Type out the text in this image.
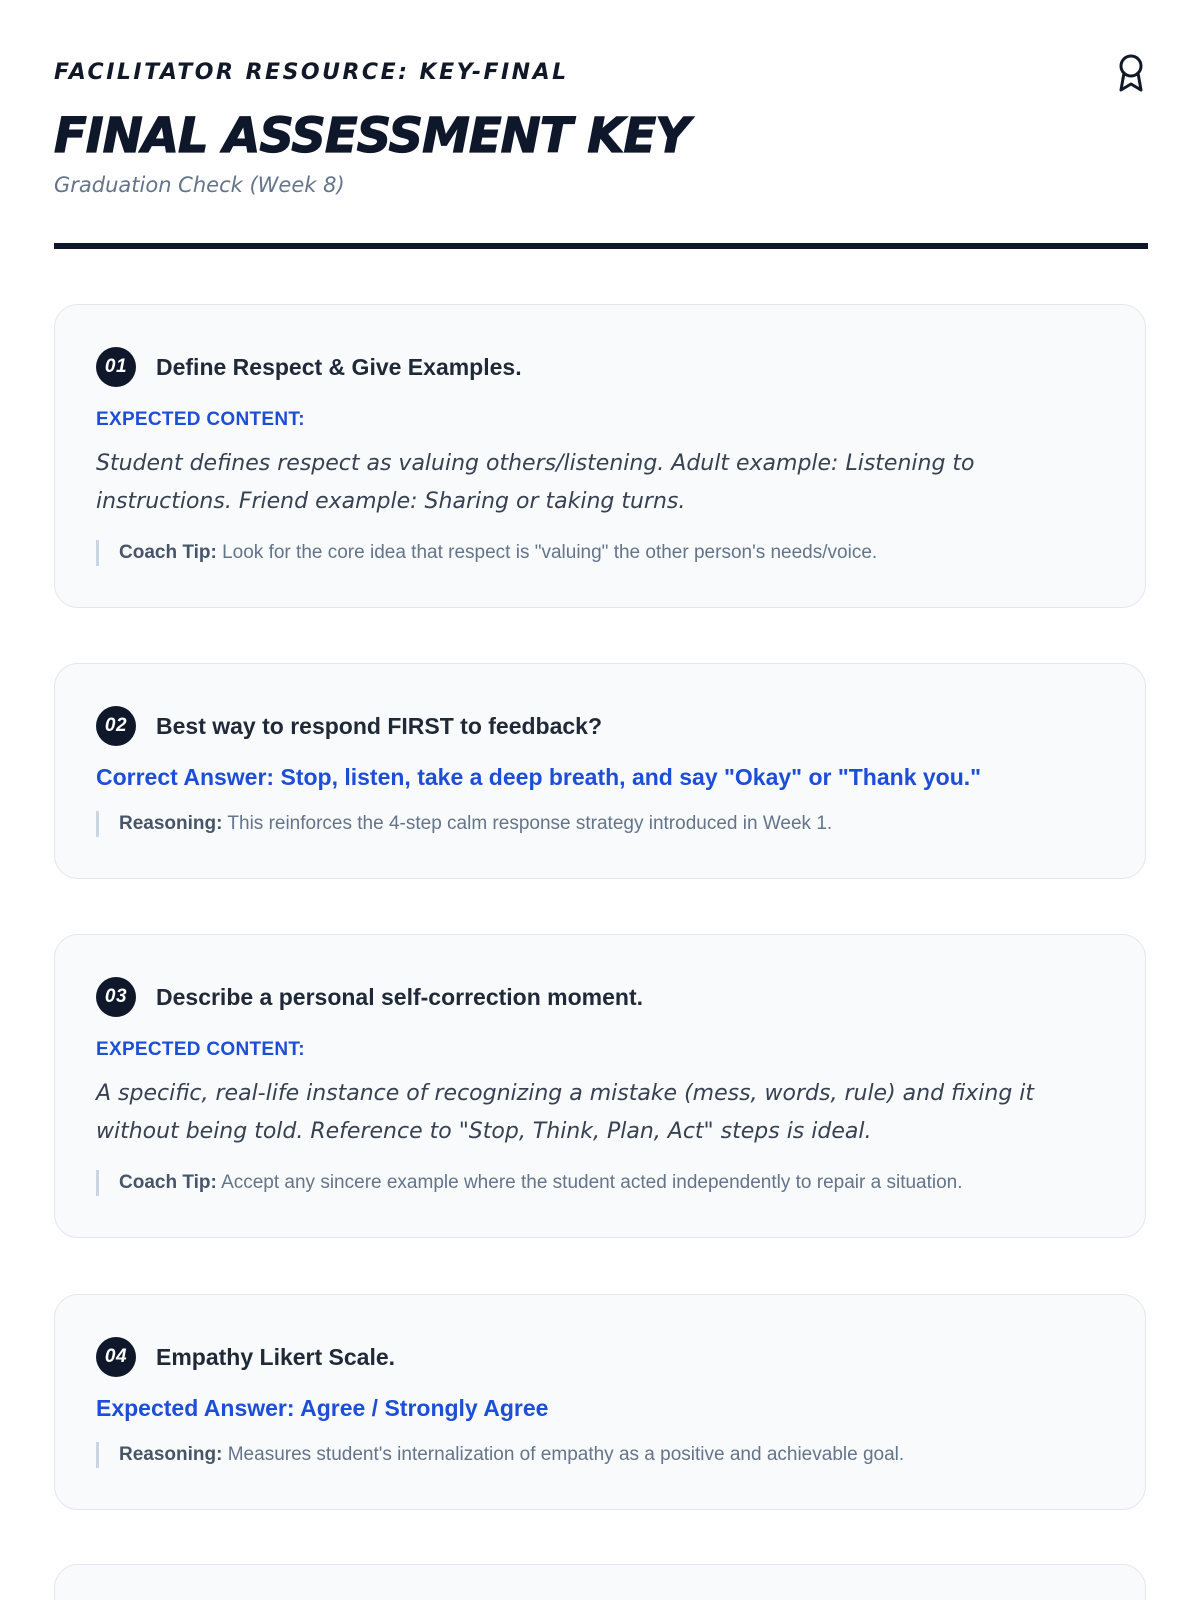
FACILITATOR RESOURCE: KEY-FINAL
FINAL ASSESSMENT KEY
Graduation Check (Week 8)
01	Define Respect & Give Examples.
EXPECTED CONTENT:
Student defines respect as valuing others/listening. Adult example: Listening to instructions. Friend example: Sharing or taking turns.
Coach Tip: Look for the core idea that respect is "valuing" the other person's needs/voice.
02	Best way to respond FIRST to feedback?
Correct Answer: Stop, listen, take a deep breath, and say "Okay" or "Thank you."
Reasoning: This reinforces the 4-step calm response strategy introduced in Week 1.
03	Describe a personal self-correction moment.
EXPECTED CONTENT:
A specific, real-life instance of recognizing a mistake (mess, words, rule) and fixing it without being told. Reference to "Stop, Think, Plan, Act" steps is ideal.
Coach Tip: Accept any sincere example where the student acted independently to repair a situation.
04	Empathy Likert Scale.
Expected Answer: Agree / Strongly Agree
Reasoning: Measures student's internalization of empathy as a positive and achievable goal.
